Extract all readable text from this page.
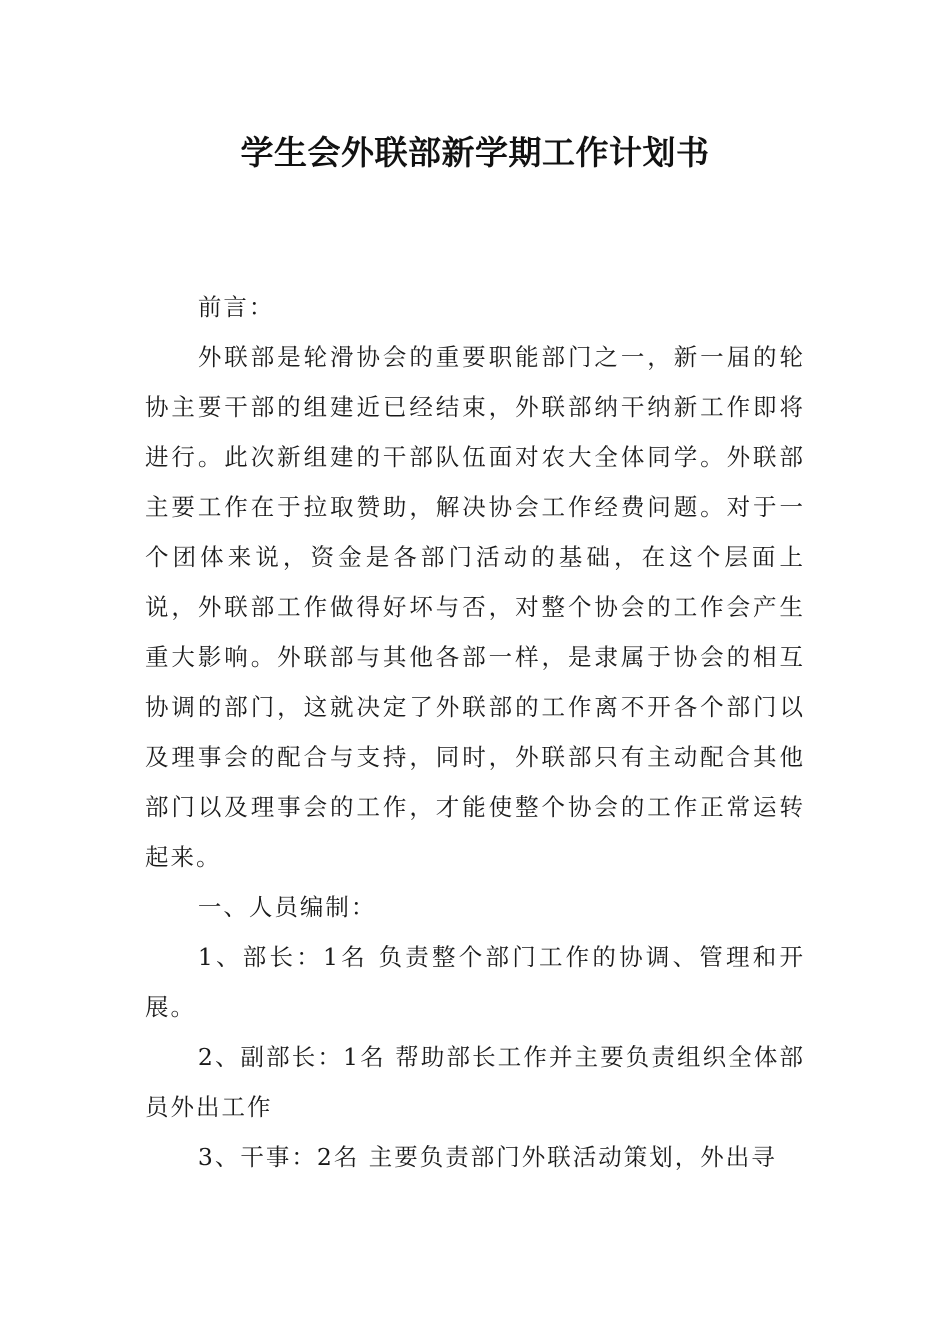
学生会外联部新学期工作计划书

前言：

外联部是轮滑协会的重要职能部门之一，新一届的轮协主要干部的组建近已经结束，外联部纳干纳新工作即将进行。此次新组建的干部队伍面对农大全体同学。外联部主要工作在于拉取赞助，解决协会工作经费问题。对于一个团体来说，资金是各部门活动的基础，在这个层面上说，外联部工作做得好坏与否，对整个协会的工作会产生重大影响。外联部与其他各部一样，是隶属于协会的相互协调的部门，这就决定了外联部的工作离不开各个部门以及理事会的配合与支持，同时，外联部只有主动配合其他部门以及理事会的工作，才能使整个协会的工作正常运转起来。

一、人员编制：

1、部长：1名 负责整个部门工作的协调、管理和开展。

2、副部长：1名 帮助部长工作并主要负责组织全体部员外出工作

3、干事：2名 主要负责部门外联活动策划，外出寻
